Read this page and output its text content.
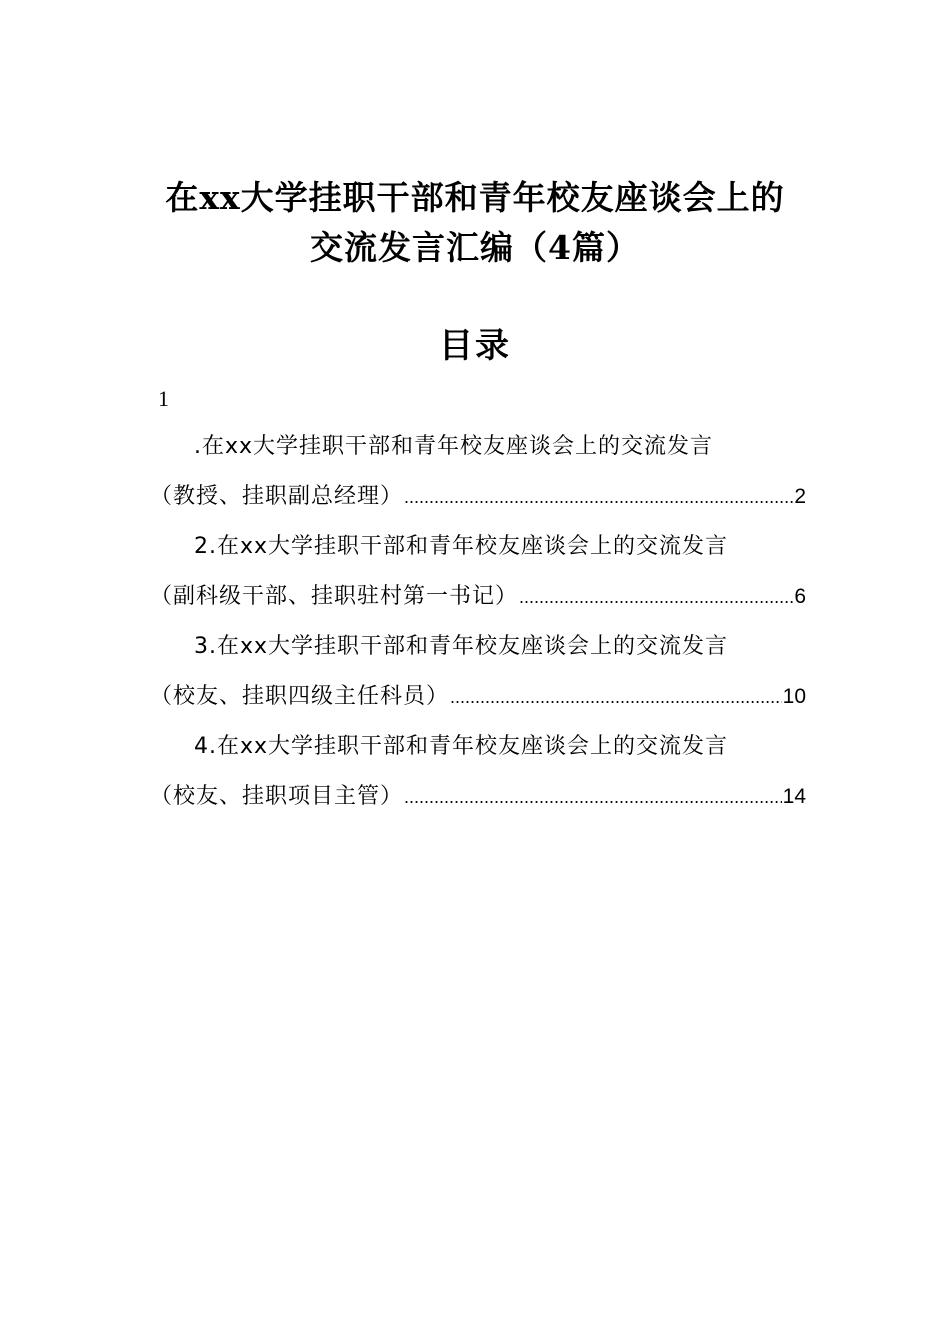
在xx大学挂职干部和青年校友座谈会上的
交流发言汇编（4篇）
目录
1
.在xx大学挂职干部和青年校友座谈会上的交流发言
（教授、挂职副总经理） .....	2
2.在xx大学挂职干部和青年校友座谈会上的交流发言
（副科级干部、挂职驻村第一书记） .....	6
3.在xx大学挂职干部和青年校友座谈会上的交流发言
（校友、挂职四级主任科员） .....	10
4.在xx大学挂职干部和青年校友座谈会上的交流发言
（校友、挂职项目主管） .....	14
